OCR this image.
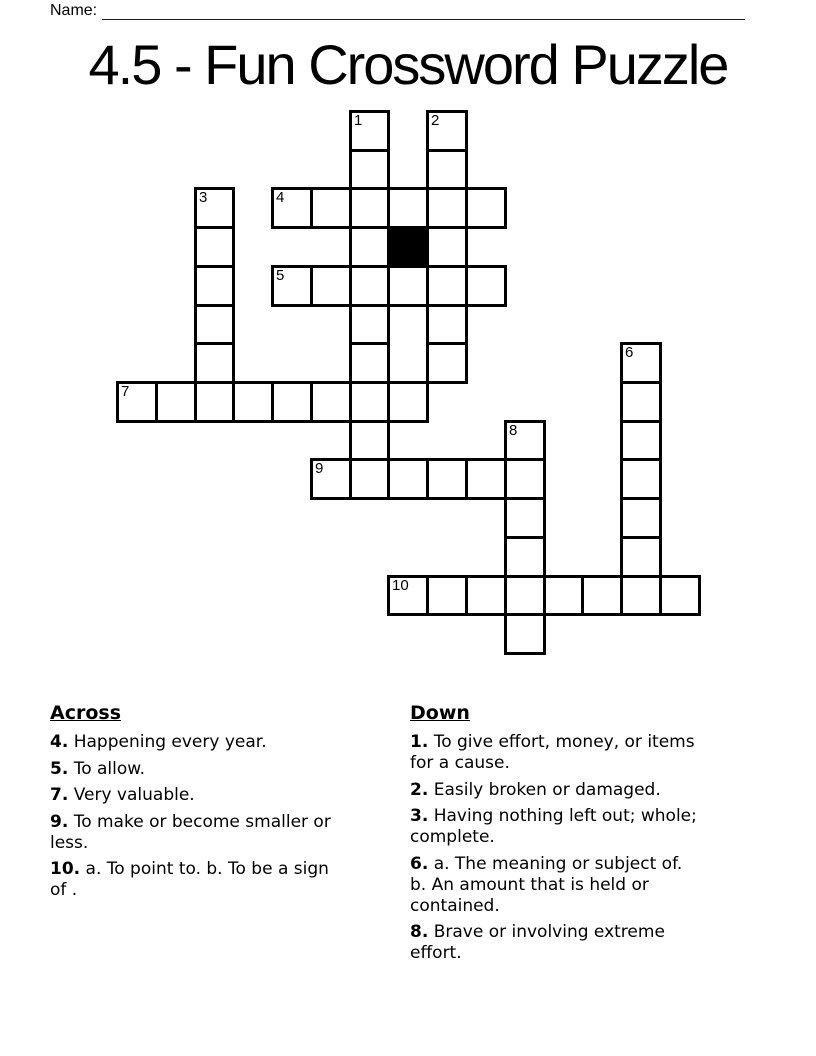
Name:
4.5 - Fun Crossword Puzzle
1	2
3	4
5
6
7
8
9
10

Across

4. Happening every year.

5. To allow.

7. Very valuable.

9. To make or become smaller or
less.

10. a. To point to. b. To be a sign
of .

Down

1. To give effort, money, or items
for a cause.

2. Easily broken or damaged.

3. Having nothing left out; whole;
complete.

6. a. The meaning or subject of.
b. An amount that is held or
contained.

8. Brave or involving extreme
effort.
